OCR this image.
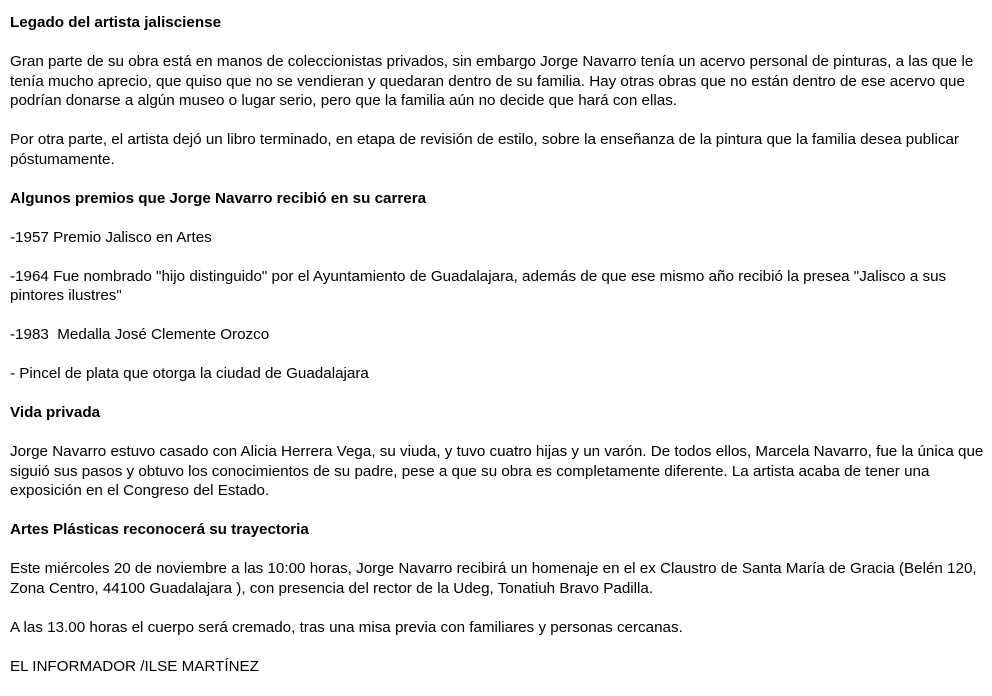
Legado del artista jalisciense

Gran parte de su obra está en manos de coleccionistas privados, sin embargo Jorge Navarro tenía un acervo personal de pinturas, a las que le tenía mucho aprecio, que quiso que no se vendieran y quedaran dentro de su familia. Hay otras obras que no están dentro de ese acervo que podrían donarse a algún museo o lugar serio, pero que la familia aún no decide que hará con ellas.

Por otra parte, el artista dejó un libro terminado, en etapa de revisión de estilo, sobre la enseñanza de la pintura que la familia desea publicar póstumamente.

Algunos premios que Jorge Navarro recibió en su carrera

-1957 Premio Jalisco en Artes

-1964 Fue nombrado "hijo distinguido" por el Ayuntamiento de Guadalajara, además de que ese mismo año recibió la presea "Jalisco a sus pintores ilustres"

-1983  Medalla José Clemente Orozco

- Pincel de plata que otorga la ciudad de Guadalajara

Vida privada

Jorge Navarro estuvo casado con Alicia Herrera Vega, su viuda, y tuvo cuatro hijas y un varón. De todos ellos, Marcela Navarro, fue la única que siguió sus pasos y obtuvo los conocimientos de su padre, pese a que su obra es completamente diferente. La artista acaba de tener una exposición en el Congreso del Estado.

Artes Plásticas reconocerá su trayectoria

Este miércoles 20 de noviembre a las 10:00 horas, Jorge Navarro recibirá un homenaje en el ex Claustro de Santa María de Gracia (Belén 120, Zona Centro, 44100 Guadalajara ), con presencia del rector de la Udeg, Tonatiuh Bravo Padilla.

A las 13.00 horas el cuerpo será cremado, tras una misa previa con familiares y personas cercanas.

EL INFORMADOR /ILSE MARTÍNEZ
